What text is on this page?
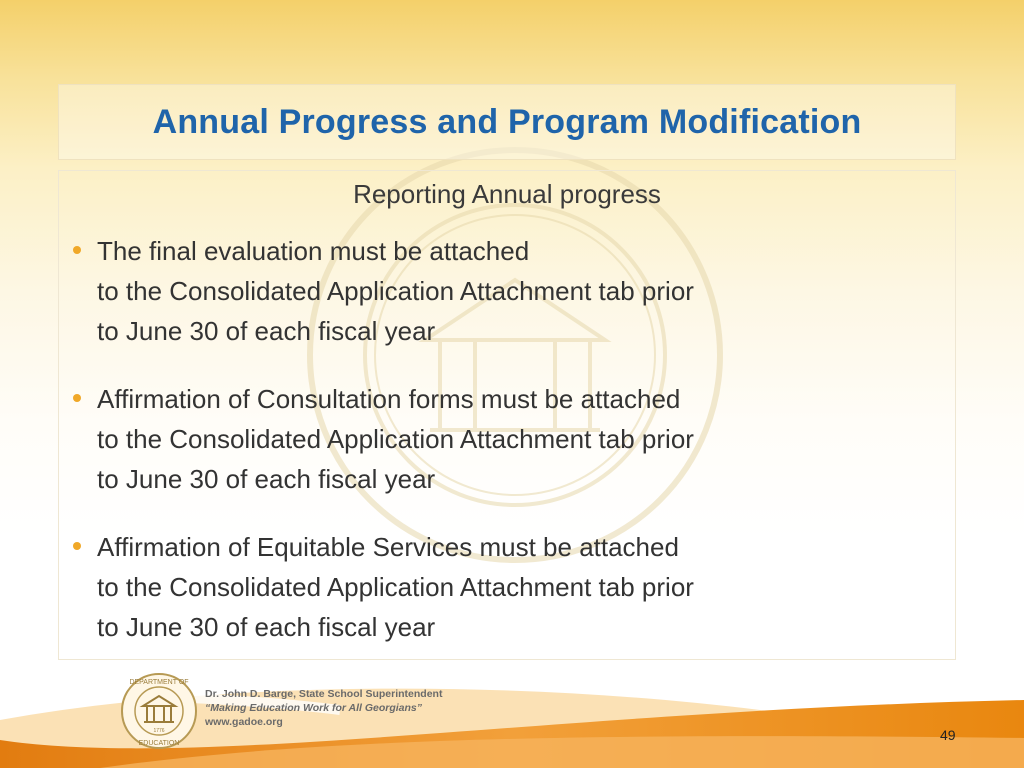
Annual Progress and Program Modification

Reporting Annual progress

The final evaluation must be attached
to the Consolidated Application Attachment tab prior
to June 30 of each fiscal year
Affirmation of Consultation forms must be attached
to the Consolidated Application Attachment tab prior
to June 30 of each fiscal year
Affirmation of Equitable Services must be attached
to the Consolidated Application Attachment tab prior
to June 30 of each fiscal year
DEPARTMENT OF
EDUCATION
1776
Dr. John D. Barge, State School Superintendent
“Making Education Work for All Georgians”
www.gadoe.org
49
